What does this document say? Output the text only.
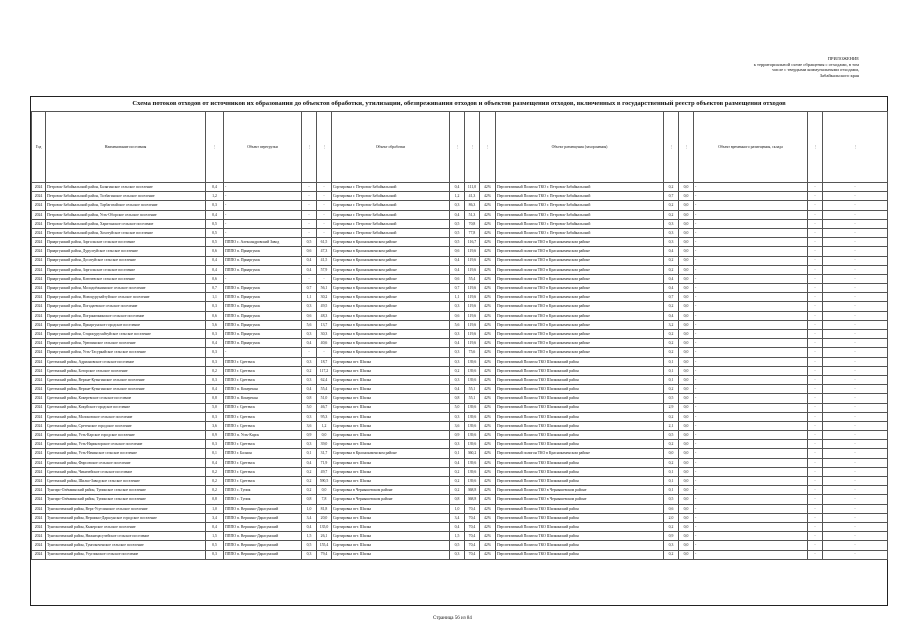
ПРИЛОЖЕНИЕ
к территориальной схеме обращения с отходами, в том
числе с твердыми коммунальными отходами,
Забайкальского края
Схема потоков отходов от источников их образования до объектов обработки, утилизации, обезвреживания отходов и объектов размещения отходов, включенных в государственный реестр объектов размещения отходов
Год	Наименование поселения	…	Объект перегрузки	…	…	Объект обработки	…	…	…	Объект размещения (захоронения)	…	…	Объект временного размещения, склада	…	…
2024	Петровск-Забайкальский район, Балягинское сельское поселение	0,4	-	-	-	Сортировка г. Петровск-Забайкальский	0,4	111,0	42%	Перспективный Полигон ТКО г. Петровск-Забайкальский	0,2	0,0	-	-	-
2024	Петровск-Забайкальский район, Толбагинское сельское поселение	1,2	-	-	-	Сортировка г. Петровск-Забайкальский	1,2	41,3	42%	Перспективный Полигон ТКО г. Петровск-Забайкальский	0,7	0,0	-	-	-
2024	Петровск-Забайкальский район, Тарбагатайское сельское поселение	0,3	-	-	-	Сортировка г. Петровск-Забайкальский	0,3	86,3	42%	Перспективный Полигон ТКО г. Петровск-Забайкальский	0,2	0,0	-	-	-
2024	Петровск-Забайкальский район, Усть-Оборское сельское поселение	0,4	-	-	-	Сортировка г. Петровск-Забайкальский	0,4	51,3	42%	Перспективный Полигон ТКО г. Петровск-Забайкальский	0,2	0,0	-	-	-
2024	Петровск-Забайкальский район, Хаританское сельское поселение	0,5	-	-	-	Сортировка г. Петровск-Забайкальский	0,5	70,8	42%	Перспективный Полигон ТКО г. Петровск-Забайкальский	0,3	0,0	-	-	-
2024	Петровск-Забайкальский район, Хохотуйское сельское поселение	0,5	-	-	-	Сортировка г. Петровск-Забайкальский	0,5	77,8	42%	Перспективный Полигон ТКО г. Петровск-Забайкальский	0,3	0,0	-	-	-
2024	Приаргунский район, Зоргольское сельское поселение	0,5	ПППО с. Александровский Завод	0,5	61,5	Сортировка в Краснокаменском районе	0,5	116,7	42%	Перспективный полигон ТКО в Краснокаменском районе	0,3	0,0	-	-	-
2024	Приаргунский район, Дурулгуйское сельское поселение	0,6	ПППО п. Приаргунск	0,6	47,3	Сортировка в Краснокаменском районе	0,6	119,6	42%	Перспективный полигон ТКО в Краснокаменском районе	0,4	0,0	-	-	-
2024	Приаргунский район, Досатуйское сельское поселение	0,4	ПППО п. Приаргунск	0,4	41,5	Сортировка в Краснокаменском районе	0,4	119,6	42%	Перспективный полигон ТКО в Краснокаменском районе	0,2	0,0	-	-	-
2024	Приаргунский район, Зоргольское сельское поселение	0,4	ПППО п. Приаргунск	0,4	57,9	Сортировка в Краснокаменском районе	0,4	119,6	42%	Перспективный полигон ТКО в Краснокаменском районе	0,2	0,0	-	-	-
2024	Приаргунский район, Ключевское сельское поселение	0,6	-	-	-	Сортировка в Краснокаменском районе	0,6	55,4	42%	Перспективный полигон ТКО в Краснокаменском районе	0,4	0,0	-	-	-
2024	Приаргунский район, Молодоёжнинское сельское поселение	0,7	ПППО п. Приаргунск	0,7	56,1	Сортировка в Краснокаменском районе	0,7	119,6	42%	Перспективный полигон ТКО в Краснокаменском районе	0,4	0,0	-	-	-
2024	Приаргунский район, Новоцурухайтуйское сельское поселение	1,1	ПППО п. Приаргунск	1,1	30,2	Сортировка в Краснокаменском районе	1,1	119,6	42%	Перспективный полигон ТКО в Краснокаменском районе	0,7	0,0	-	-	-
2024	Приаргунский район, Погадаевское сельское поселение	0,3	ПППО п. Приаргунск	0,3	49,5	Сортировка в Краснокаменском районе	0,3	119,6	42%	Перспективный полигон ТКО в Краснокаменском районе	0,2	0,0	-	-	-
2024	Приаргунский район, Пограничнинское сельское поселение	0,6	ПППО п. Приаргунск	0,6	48,3	Сортировка в Краснокаменском районе	0,6	119,6	42%	Перспективный полигон ТКО в Краснокаменском районе	0,4	0,0	-	-	-
2024	Приаргунский район, Приаргунское городское поселение	5,6	ПППО п. Приаргунск	5,6	13,7	Сортировка в Краснокаменском районе	5,6	119,6	42%	Перспективный полигон ТКО в Краснокаменском районе	3,2	0,0	-	-	-
2024	Приаргунский район, Староцурухайтуйское сельское поселение	0,3	ПППО п. Приаргунск	0,3	30,3	Сортировка в Краснокаменском районе	0,3	119,6	42%	Перспективный полигон ТКО в Краснокаменском районе	0,2	0,0	-	-	-
2024	Приаргунский район, Урюпинское сельское поселение	0,4	ПППО п. Приаргунск	0,4	40,6	Сортировка в Краснокаменском районе	0,4	119,6	42%	Перспективный полигон ТКО в Краснокаменском районе	0,2	0,0	-	-	-
2024	Приаргунский район, Усть-Тасуркайское сельское поселение	0,3	-	-	-	Сортировка в Краснокаменском районе	0,3	75,6	42%	Перспективный полигон ТКО в Краснокаменском районе	0,2	0,0	-	-	-
2024	Сретенский район, Адриановское сельское поселение	0,3	ПППО г. Сретенск	0,3	18,7	Сортировка пгт. Шилка	0,3	139,6	42%	Перспективный Полигон ТКО Шилкинский район	0,1	0,0	-	-	-
2024	Сретенский район, Боторское сельское поселение	0,2	ПППО г. Сретенск	0,2	117,2	Сортировка пгт. Шилка	0,2	139,6	42%	Перспективный Полигон ТКО Шилкинский район	0,1	0,0	-	-	-
2024	Сретенский район, Верхне-Куэнгинское сельское поселение	0,3	ПППО г. Сретенск	0,3	62,4	Сортировка пгт. Шилка	0,3	139,6	42%	Перспективный Полигон ТКО Шилкинский район	0,1	0,0	-	-	-
2024	Сретенский район, Верхне-Куэнгинское сельское поселение	0,4	ПППО п. Кокерекан	0,4	55,4	Сортировка пгт. Шилка	0,4	55,1	42%	Перспективный Полигон ТКО Шилкинский район	0,2	0,0	-	-	-
2024	Сретенский район, Кокеревское сельское поселение	0,8	ПППО п. Кокерекан	0,8	51,0	Сортировка пгт. Шилка	0,8	55,1	42%	Перспективный Полигон ТКО Шилкинский район	0,5	0,0	-	-	-
2024	Сретенский район, Кокуйское городское поселение	5,0	ПППО г. Сретенск	5,0	46,7	Сортировка пгт. Шилка	5,0	139,6	42%	Перспективный Полигон ТКО Шилкинский район	2,9	0,0	-	-	-
2024	Сретенский район, Молоковское сельское поселение	0,3	ПППО г. Сретенск	0,3	95,3	Сортировка пгт. Шилка	0,3	139,6	42%	Перспективный Полигон ТКО Шилкинский район	0,2	0,0	-	-	-
2024	Сретенский район, Сретенское городское поселение	3,6	ПППО г. Сретенск	3,6	1,2	Сортировка пгт. Шилка	3,6	139,6	42%	Перспективный Полигон ТКО Шилкинский район	2,1	0,0	-	-	-
2024	Сретенский район, Усть-Карское городское поселение	0,9	ПППО п. Усть-Карск	0,9	0,0	Сортировка пгт. Шилка	0,9	139,6	42%	Перспективный Полигон ТКО Шилкинский район	0,5	0,0	-	-	-
2024	Сретенский район, Усть-Наринзорское сельское поселение	0,3	ПППО г. Сретенск	0,3	39,0	Сортировка пгт. Шилка	0,3	139,6	42%	Перспективный Полигон ТКО Шилкинский район	0,2	0,0	-	-	-
2024	Сретенский район, Усть-Начинское сельское поселение	0,1	ПППО г. Балнон	0,1	31,7	Сортировка в Краснокаменском районе	0,1	360,2	42%	Перспективный полигон ТКО в Краснокаменском районе	0,0	0,0	-	-	-
2024	Сретенский район, Фирсовское сельское поселение	0,4	ПППО г. Сретенск	0,4	71,9	Сортировка пгт. Шилка	0,4	139,6	42%	Перспективный Полигон ТКО Шилкинский район	0,2	0,0	-	-	-
2024	Сретенский район, Чикичейское сельское поселение	0,2	ПППО г. Сретенск	0,2	49,7	Сортировка пгт. Шилка	0,2	139,6	42%	Перспективный Полигон ТКО Шилкинский район	0,1	0,0	-	-	-
2024	Сретенский район, Шилко-Заводское сельское поселение	0,2	ПППО г. Сретенск	0,2	590,5	Сортировка пгт. Шилка	0,2	139,6	42%	Перспективный Полигон ТКО Шилкинский район	0,1	0,0	-	-	-
2024	Тунгиро-Олёкминский район, Тупикское сельское поселение	0,2	ПППО с. Тупик	0,2	0,0	Сортировка в Чернышевском районе	0,2	368,8	42%	Перспективный Полигон ТКО в Чернышевском районе	0,1	0,0	-	-	-
2024	Тунгиро-Олёкминский район, Тупикское сельское поселение	0,8	ПППО с. Тупик	0,8	7,8	Сортировка в Чернышевском районе	0,8	368,8	42%	Перспективный Полигон ТКО в Чернышевском районе	0,5	0,0	-	-	-
2024	Тунгокоченский район, Верх-Усуглинское сельское поселение	1,0	ПППО п. Вершино-Дарасунский	1,0	81,8	Сортировка пгт. Шилка	1,0	70,4	42%	Перспективный Полигон ТКО Шилкинский район	0,6	0,0	-	-	-
2024	Тунгокоченский район, Вершино-Дарасунское городское поселение	3,4	ПППО п. Вершино-Дарасунский	3,4	20,0	Сортировка пгт. Шилка	3,4	70,4	42%	Перспективный Полигон ТКО Шилкинский район	2,0	0,0	-	-	-
2024	Тунгокоченский район, Кыкерское сельское поселение	0,4	ПППО п. Вершино-Дарасунский	0,4	135,0	Сортировка пгт. Шилка	0,4	70,4	42%	Перспективный Полигон ТКО Шилкинский район	0,2	0,0	-	-	-
2024	Тунгокоченский район, Нижнецасучейское сельское поселение	1,5	ПППО п. Вершино-Дарасунский	1,5	26,1	Сортировка пгт. Шилка	1,5	70,4	42%	Перспективный Полигон ТКО Шилкинский район	0,9	0,0	-	-	-
2024	Тунгокоченский район, Тунгокоченское сельское поселение	0,5	ПППО п. Вершино-Дарасунский	0,5	155,4	Сортировка пгт. Шилка	0,5	70,4	42%	Перспективный Полигон ТКО Шилкинский район	0,3	0,0	-	-	-
2024	Тунгокоченский район, Усуглинское сельское поселение	0,3	ПППО п. Вершино-Дарасунский	0,3	79,4	Сортировка пгт. Шилка	0,3	70,4	42%	Перспективный Полигон ТКО Шилкинский район	0,2	0,0	-	-	-
Страница 56 из 84
